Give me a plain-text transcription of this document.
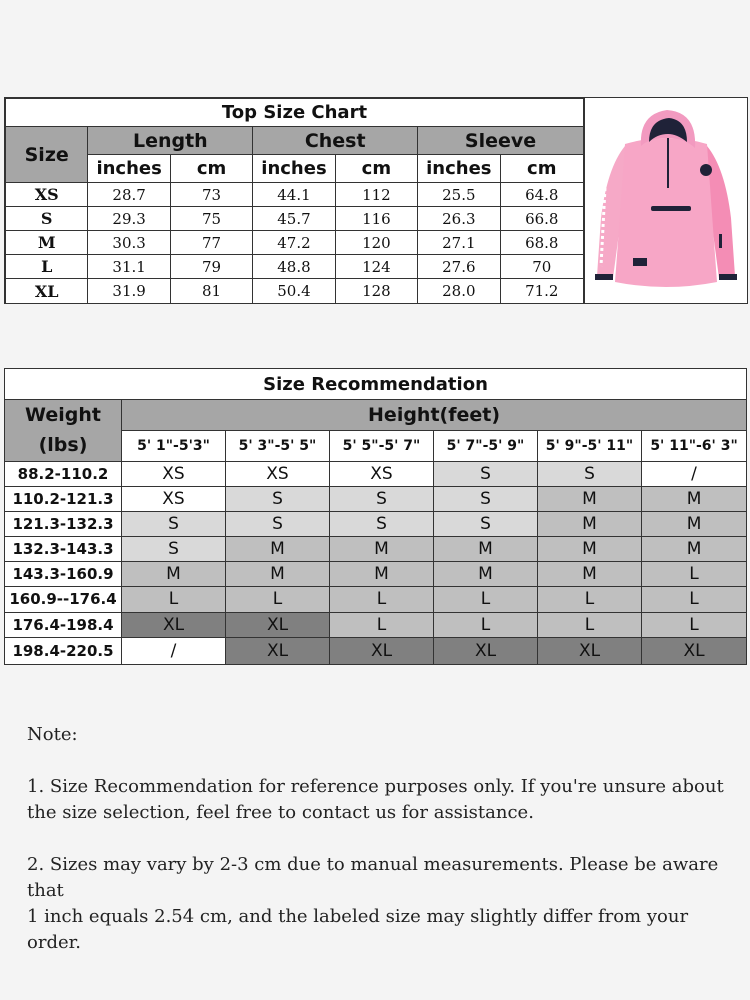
Top Size Chart						
Size	Length		Chest		Sleeve	
	inches	cm	inches	cm	inches	cm
XS	28.7	73	44.1	112	25.5	64.8
S	29.3	75	45.7	116	26.3	66.8
M	30.3	77	47.2	120	27.1	68.8
L	31.1	79	48.8	124	27.6	70
XL	31.9	81	50.4	128	28.0	71.2
Size Recommendation						
Weight
(lbs)	Height(feet)					
	5' 1"-5'3"	5' 3"-5' 5"	5' 5"-5' 7"	5' 7"-5' 9"	5' 9"-5' 11"	5' 11"-6' 3"
88.2-110.2	XS	XS	XS	S	S	/
110.2-121.3	XS	S	S	S	M	M
121.3-132.3	S	S	S	S	M	M
132.3-143.3	S	M	M	M	M	M
143.3-160.9	M	M	M	M	M	L
160.9--176.4	L	L	L	L	L	L
176.4-198.4	XL	XL	L	L	L	L
198.4-220.5	/	XL	XL	XL	XL	XL

Note:

1. Size Recommendation for reference purposes only. If you're unsure about the size selection, feel free to contact us for assistance.

2. Sizes may vary by 2-3 cm due to manual measurements. Please be aware that

1 inch equals 2.54 cm, and the labeled size may slightly differ from your order.
